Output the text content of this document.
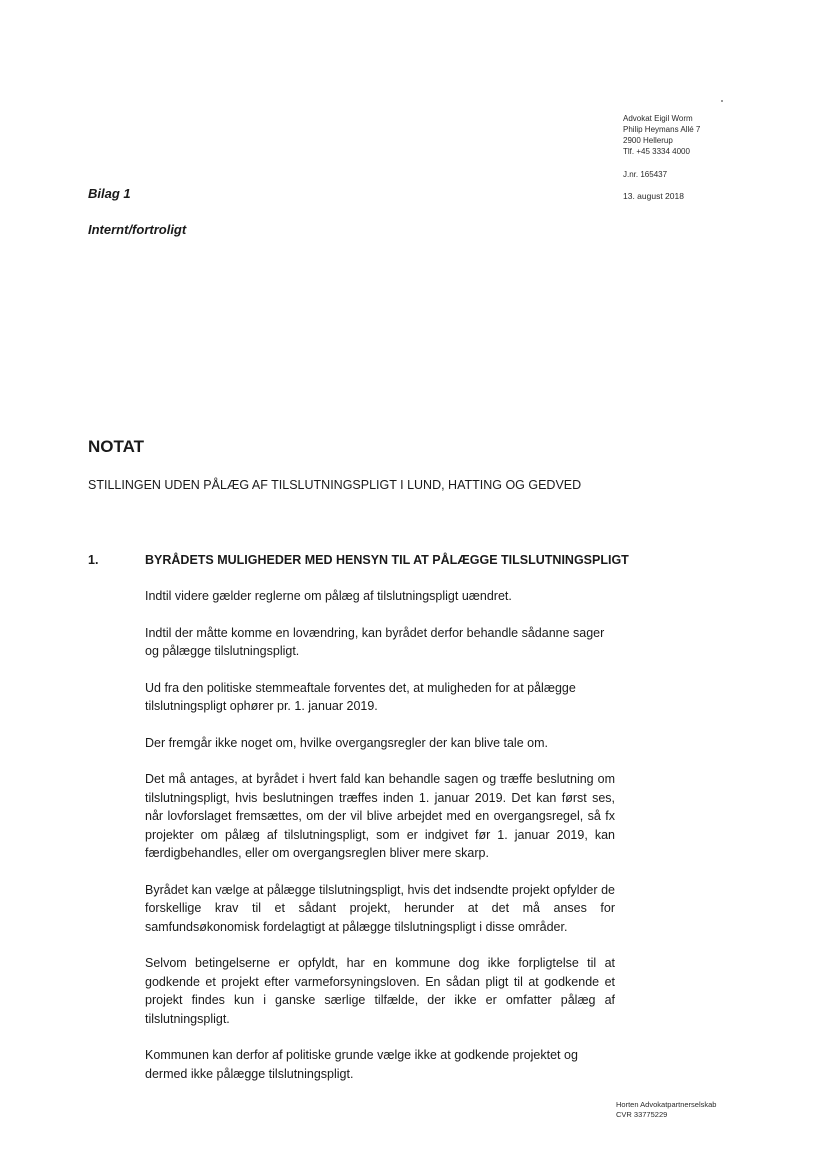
Advokat Eigil Worm
Philip Heymans Allé 7
2900 Hellerup
Tlf. +45 3334 4000
J.nr. 165437
13. august 2018
Bilag 1
Internt/fortroligt
NOTAT
STILLINGEN UDEN PÅLÆG AF TILSLUTNINGSPLIGT I LUND, HATTING OG GEDVED
1.	BYRÅDETS MULIGHEDER MED HENSYN TIL AT PÅLÆGGE TILSLUTNINGSPLIGT

Indtil videre gælder reglerne om pålæg af tilslutningspligt uændret.

Indtil der måtte komme en lovændring, kan byrådet derfor behandle sådanne sager og pålægge tilslutningspligt.

Ud fra den politiske stemmeaftale forventes det, at muligheden for at pålægge tilslutningspligt ophører pr. 1. januar 2019.

Der fremgår ikke noget om, hvilke overgangsregler der kan blive tale om.

Det må antages, at byrådet i hvert fald kan behandle sagen og træffe beslutning om tilslutningspligt, hvis beslutningen træffes inden 1. januar 2019. Det kan først ses, når lovforslaget fremsættes, om der vil blive arbejdet med en overgangsregel, så fx projekter om pålæg af tilslutningspligt, som er indgivet før 1. januar 2019, kan færdigbehandles, eller om overgangsreglen bliver mere skarp.

Byrådet kan vælge at pålægge tilslutningspligt, hvis det indsendte projekt opfylder de forskellige krav til et sådant projekt, herunder at det må anses for samfundsøkonomisk fordelagtigt at pålægge tilslutningspligt i disse områder.

Selvom betingelserne er opfyldt, har en kommune dog ikke forpligtelse til at godkende et projekt efter varmeforsyningsloven. En sådan pligt til at godkende et projekt findes kun i ganske særlige tilfælde, der ikke er omfatter pålæg af tilslutningspligt.

Kommunen kan derfor af politiske grunde vælge ikke at godkende projektet og dermed ikke pålægge tilslutningspligt.

Horten Advokatpartnerselskab
CVR 33775229
